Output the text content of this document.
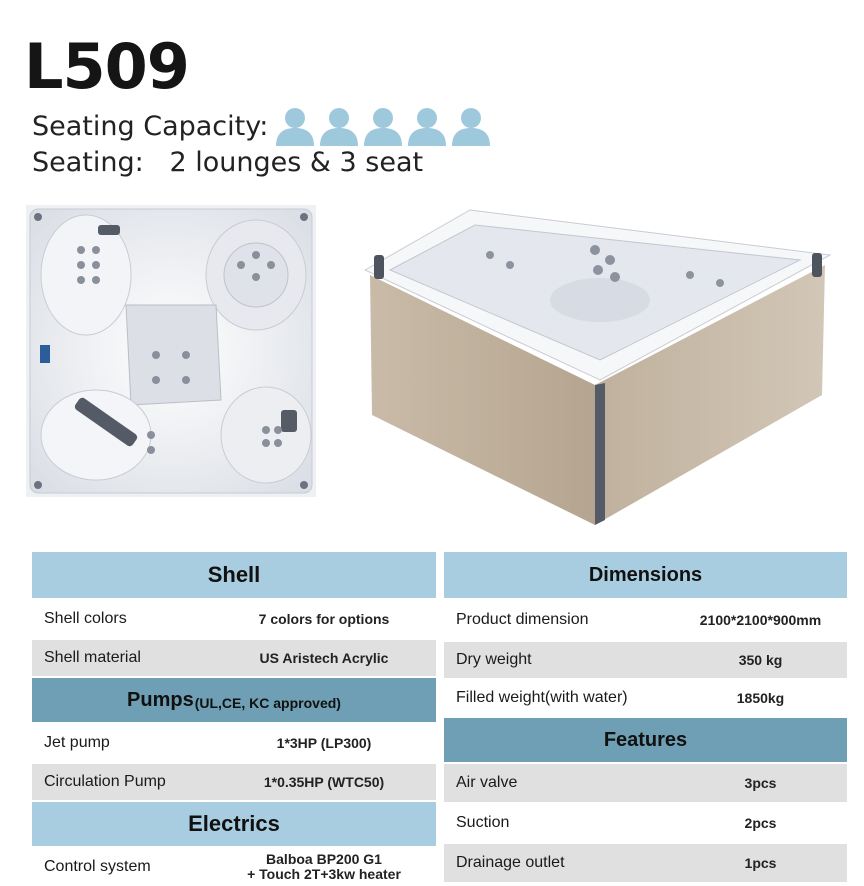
L509
Seating Capacity:
Seating:   2 lounges & 3 seat
Shell
Shell colors	7 colors for options
Shell material	US Aristech Acrylic
Pumps (UL,CE, KC approved)
Jet pump	1*3HP (LP300)
Circulation Pump	1*0.35HP (WTC50)
Electrics
Control system	Balboa BP200 G1
+ Touch 2T+3kw heater
Dimensions
Product dimension	2100*2100*900mm
Dry weight	350 kg
Filled weight(with water)	1850kg
Features
Air valve	3pcs
Suction	2pcs
Drainage outlet	1pcs
